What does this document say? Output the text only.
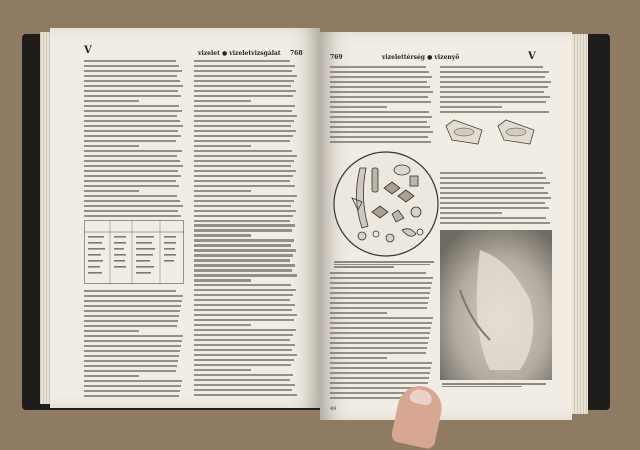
V	vizelet ● vizeletvizsgálat 768
769	vizelettérség ● vizenyő	V
49
